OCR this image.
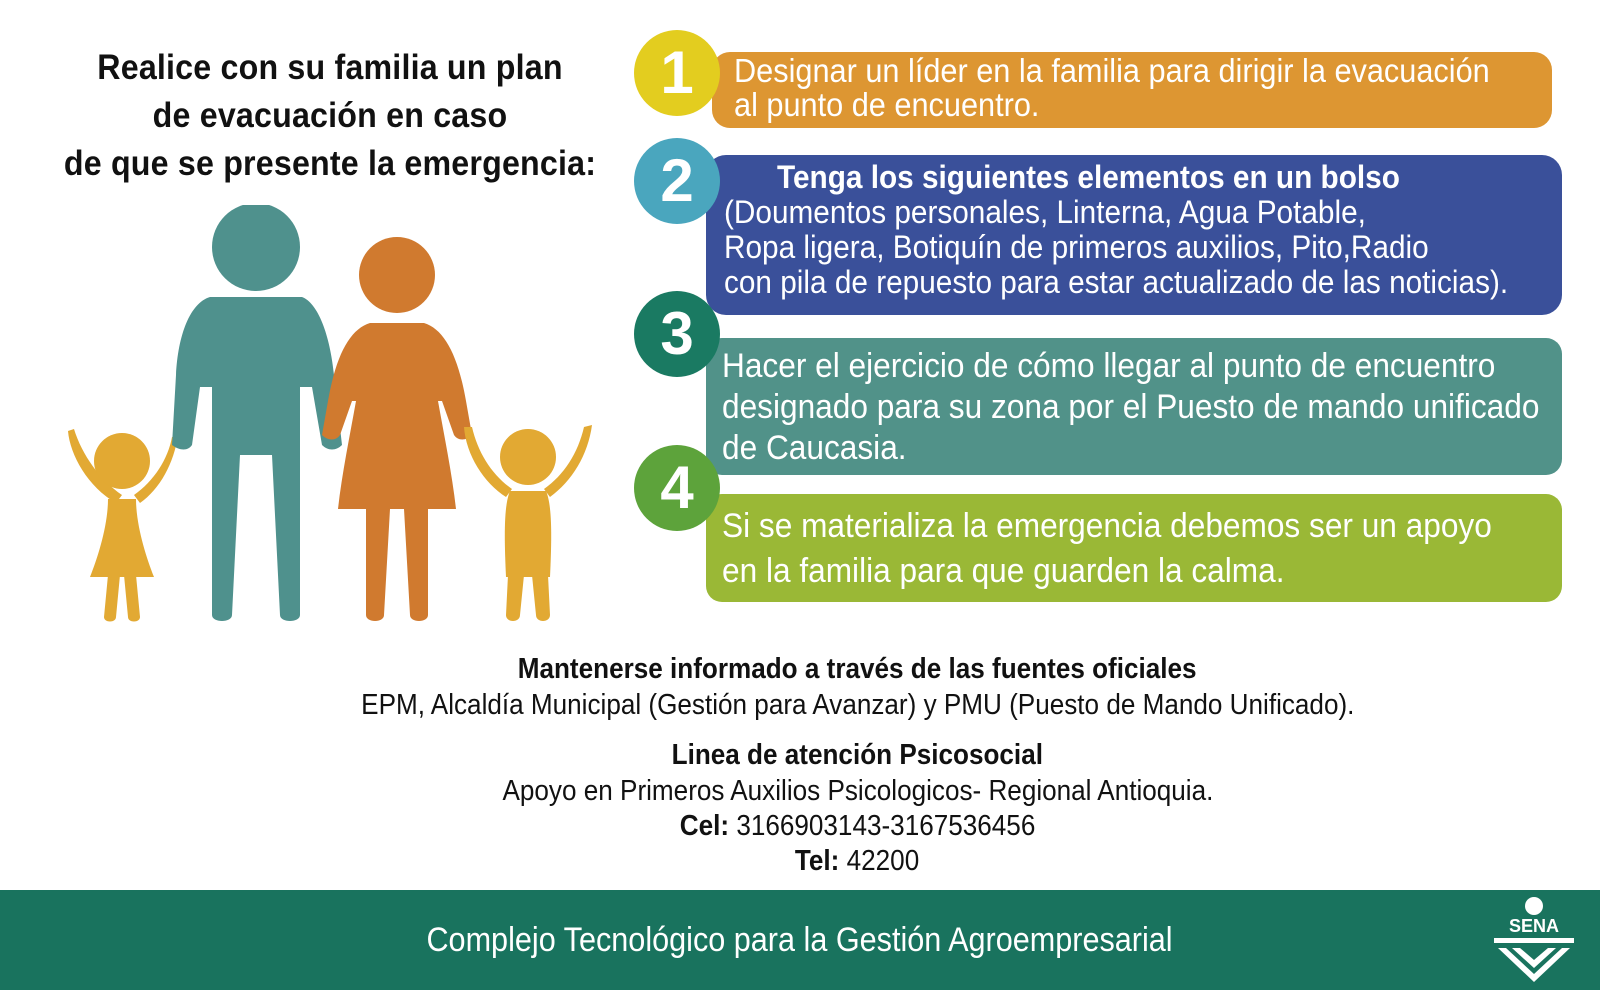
Realice con su familia un plan
de evacuación en caso
de que se presente la emergencia:
1	Designar un líder en la familia para dirigir la evacuación
al punto de encuentro.
2	Tenga los siguientes elementos en un bolso
(Doumentos personales, Linterna, Agua Potable,
Ropa ligera, Botiquín de primeros auxilios, Pito,Radio
con pila de repuesto para estar actualizado de las noticias).
3 Hacer el ejercicio de cómo llegar al punto de encuentro
designado para su zona por el Puesto de mando unificado
de Caucasia.
4
Si se materializa la emergencia debemos ser un apoyo
en la familia para que guarden la calma.
Mantenerse informado a través de las fuentes oficiales
EPM, Alcaldía Municipal (Gestión para Avanzar) y PMU (Puesto de Mando Unificado).
Linea de atención Psicosocial
Apoyo en Primeros Auxilios Psicologicos- Regional Antioquia.
Cel: 3166903143-3167536456
Tel: 42200
Complejo Tecnológico para la Gestión Agroempresarial	SENA
